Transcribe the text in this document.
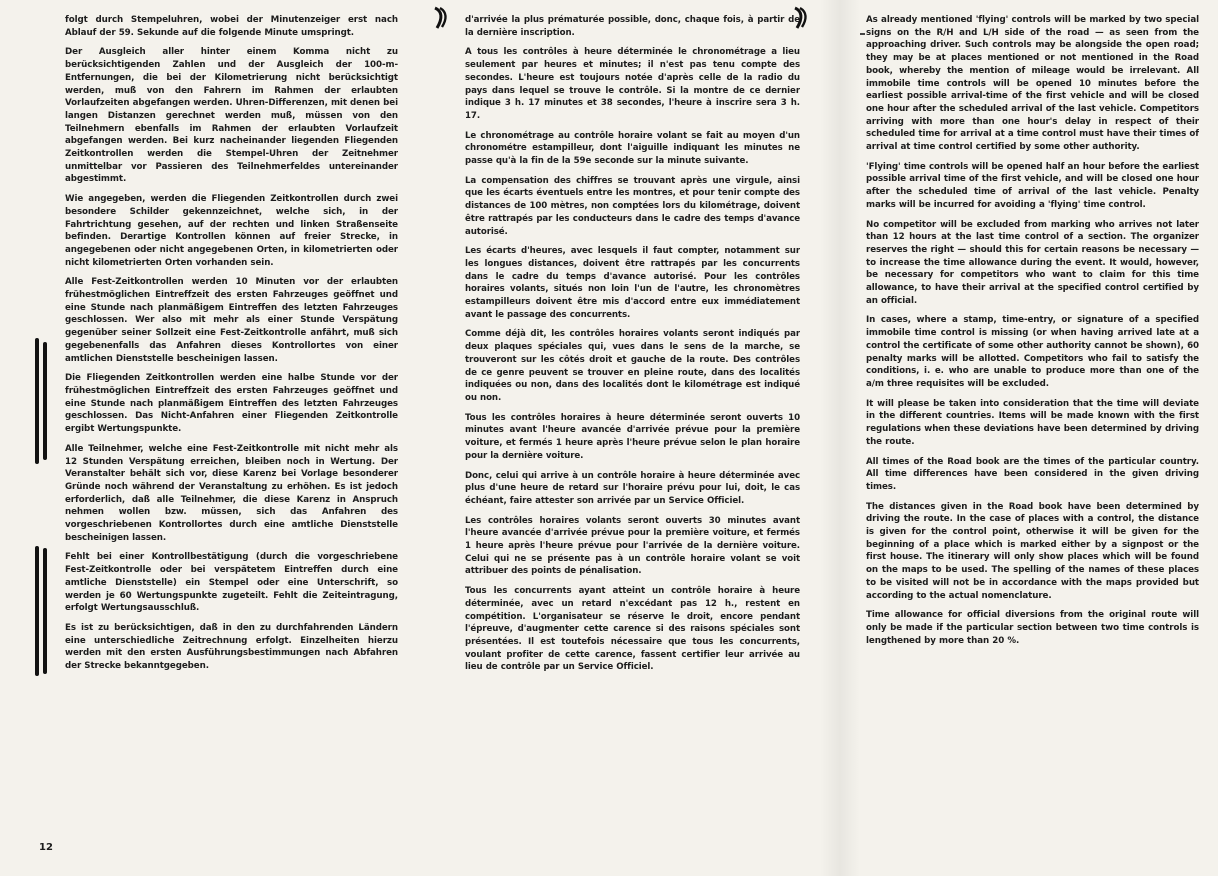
folgt durch Stempeluhren, wobei der Minutenzeiger erst nach Ablauf der 59. Sekunde auf die folgende Minute umspringt.

Der Ausgleich aller hinter einem Komma nicht zu berücksichtigenden Zahlen und der Ausgleich der 100-m-Entfernungen, die bei der Kilometrierung nicht berücksichtigt werden, muß von den Fahrern im Rahmen der erlaubten Vorlaufzeiten abgefangen werden. Uhren-Differenzen, mit denen bei langen Distanzen gerechnet werden muß, müssen von den Teilnehmern ebenfalls im Rahmen der erlaubten Vorlaufzeit abgefangen werden. Bei kurz nacheinander liegenden Fliegenden Zeitkontrollen werden die Stempel-Uhren der Zeitnehmer unmittelbar vor Passieren des Teilnehmerfeldes untereinander abgestimmt.

Wie angegeben, werden die Fliegenden Zeitkontrollen durch zwei besondere Schilder gekennzeichnet, welche sich, in der Fahrtrichtung gesehen, auf der rechten und linken Straßenseite befinden. Derartige Kontrollen können auf freier Strecke, in angegebenen oder nicht angegebenen Orten, in kilometrierten oder nicht kilometrierten Orten vorhanden sein.

Alle Fest-Zeitkontrollen werden 10 Minuten vor der erlaubten frühestmöglichen Eintreffzeit des ersten Fahrzeuges geöffnet und eine Stunde nach planmäßigem Eintreffen des letzten Fahrzeuges geschlossen. Wer also mit mehr als einer Stunde Verspätung gegenüber seiner Sollzeit eine Fest-Zeitkontrolle anfährt, muß sich gegebenenfalls das Anfahren dieses Kontrollortes von einer amtlichen Dienststelle bescheinigen lassen.

Die Fliegenden Zeitkontrollen werden eine halbe Stunde vor der frühestmöglichen Eintreffzeit des ersten Fahrzeuges geöffnet und eine Stunde nach planmäßigem Eintreffen des letzten Fahrzeuges geschlossen. Das Nicht-Anfahren einer Fliegenden Zeitkontrolle ergibt Wertungspunkte.

Alle Teilnehmer, welche eine Fest-Zeitkontrolle mit nicht mehr als 12 Stunden Verspätung erreichen, bleiben noch in Wertung. Der Veranstalter behält sich vor, diese Karenz bei Vorlage besonderer Gründe noch während der Veranstaltung zu erhöhen. Es ist jedoch erforderlich, daß alle Teilnehmer, die diese Karenz in Anspruch nehmen wollen bzw. müssen, sich das Anfahren des vorgeschriebenen Kontrollortes durch eine amtliche Dienststelle bescheinigen lassen.

Fehlt bei einer Kontrollbestätigung (durch die vorgeschriebene Fest-Zeitkontrolle oder bei verspätetem Eintreffen durch eine amtliche Dienststelle) ein Stempel oder eine Unterschrift, so werden je 60 Wertungspunkte zugeteilt. Fehlt die Zeiteintragung, erfolgt Wertungsausschluß.

Es ist zu berücksichtigen, daß in den zu durchfahrenden Ländern eine unterschiedliche Zeitrechnung erfolgt. Einzelheiten hierzu werden mit den ersten Ausführungsbestimmungen nach Abfahren der Strecke bekanntgegeben.

d'arrivée la plus prématurée possible, donc, chaque fois, à partir de la dernière inscription.

A tous les contrôles à heure déterminée le chronométrage a lieu seulement par heures et minutes; il n'est pas tenu compte des secondes. L'heure est toujours notée d'après celle de la radio du pays dans lequel se trouve le contrôle. Si la montre de ce dernier indique 3 h. 17 minutes et 38 secondes, l'heure à inscrire sera 3 h. 17.

Le chronométrage au contrôle horaire volant se fait au moyen d'un chronométre estampilleur, dont l'aiguille indiquant les minutes ne passe qu'à la fin de la 59e seconde sur la minute suivante.

La compensation des chiffres se trouvant après une virgule, ainsi que les écarts éventuels entre les montres, et pour tenir compte des distances de 100 mètres, non comptées lors du kilométrage, doivent être rattrapés par les conducteurs dans le cadre des temps d'avance autorisé.

Les écarts d'heures, avec lesquels il faut compter, notamment sur les longues distances, doivent être rattrapés par les concurrents dans le cadre du temps d'avance autorisé. Pour les contrôles horaires volants, situés non loin l'un de l'autre, les chronomètres estampilleurs doivent être mis d'accord entre eux immédiatement avant le passage des concurrents.

Comme déjà dit, les contrôles horaires volants seront indiqués par deux plaques spéciales qui, vues dans le sens de la marche, se trouveront sur les côtés droit et gauche de la route. Des contrôles de ce genre peuvent se trouver en pleine route, dans des localités indiquées ou non, dans des localités dont le kilométrage est indiqué ou non.

Tous les contrôles horaires à heure déterminée seront ouverts 10 minutes avant l'heure avancée d'arrivée prévue pour la première voiture, et fermés 1 heure après l'heure prévue selon le plan horaire pour la dernière voiture.

Donc, celui qui arrive à un contrôle horaire à heure déterminée avec plus d'une heure de retard sur l'horaire prévu pour lui, doit, le cas échéant, faire attester son arrivée par un Service Officiel.

Les contrôles horaires volants seront ouverts 30 minutes avant l'heure avancée d'arrivée prévue pour la première voiture, et fermés 1 heure après l'heure prévue pour l'arrivée de la dernière voiture. Celui qui ne se présente pas à un contrôle horaire volant se voit attribuer des points de pénalisation.

Tous les concurrents ayant atteint un contrôle horaire à heure déterminée, avec un retard n'excédant pas 12 h., restent en compétition. L'organisateur se réserve le droit, encore pendant l'épreuve, d'augmenter cette carence si des raisons spéciales sont présentées. Il est toutefois nécessaire que tous les concurrents, voulant profiter de cette carence, fassent certifier leur arrivée au lieu de contrôle par un Service Officiel.

As already mentioned 'flying' controls will be marked by two special signs on the R/H and L/H side of the road — as seen from the approaching driver. Such controls may be alongside the open road; they may be at places mentioned or not mentioned in the Road book, whereby the mention of mileage would be irrelevant. All immobile time controls will be opened 10 minutes before the earliest possible arrival-time of the first vehicle and will be closed one hour after the scheduled arrival of the last vehicle. Competitors arriving with more than one hour's delay in respect of their scheduled time for arrival at a time control must have their times of arrival at time control certified by some other authority.

'Flying' time controls will be opened half an hour before the earliest possible arrival time of the first vehicle, and will be closed one hour after the scheduled time of arrival of the last vehicle. Penalty marks will be incurred for avoiding a 'flying' time control.

No competitor will be excluded from marking who arrives not later than 12 hours at the last time control of a section. The organizer reserves the right — should this for certain reasons be necessary — to increase the time allowance during the event. It would, however, be necessary for competitors who want to claim for this time allowance, to have their arrival at the specified control certified by an official.

In cases, where a stamp, time-entry, or signature of a specified immobile time control is missing (or when having arrived late at a control the certificate of some other authority cannot be shown), 60 penalty marks will be allotted. Competitors who fail to satisfy the conditions, i. e. who are unable to produce more than one of the a/m three requisites will be excluded.

It will please be taken into consideration that the time will deviate in the different countries. Items will be made known with the first regulations when these deviations have been determined by driving the route.

All times of the Road book are the times of the particular country. All time differences have been considered in the given driving times.

The distances given in the Road book have been determined by driving the route. In the case of places with a control, the distance is given for the control point, otherwise it will be given for the beginning of a place which is marked either by a signpost or the first house. The itinerary will only show places which will be found on the maps to be used. The spelling of the names of these places to be visited will not be in accordance with the maps provided but according to the actual nomenclature.

Time allowance for official diversions from the original route will only be made if the particular section between two time controls is lengthened by more than 20 %.

12
